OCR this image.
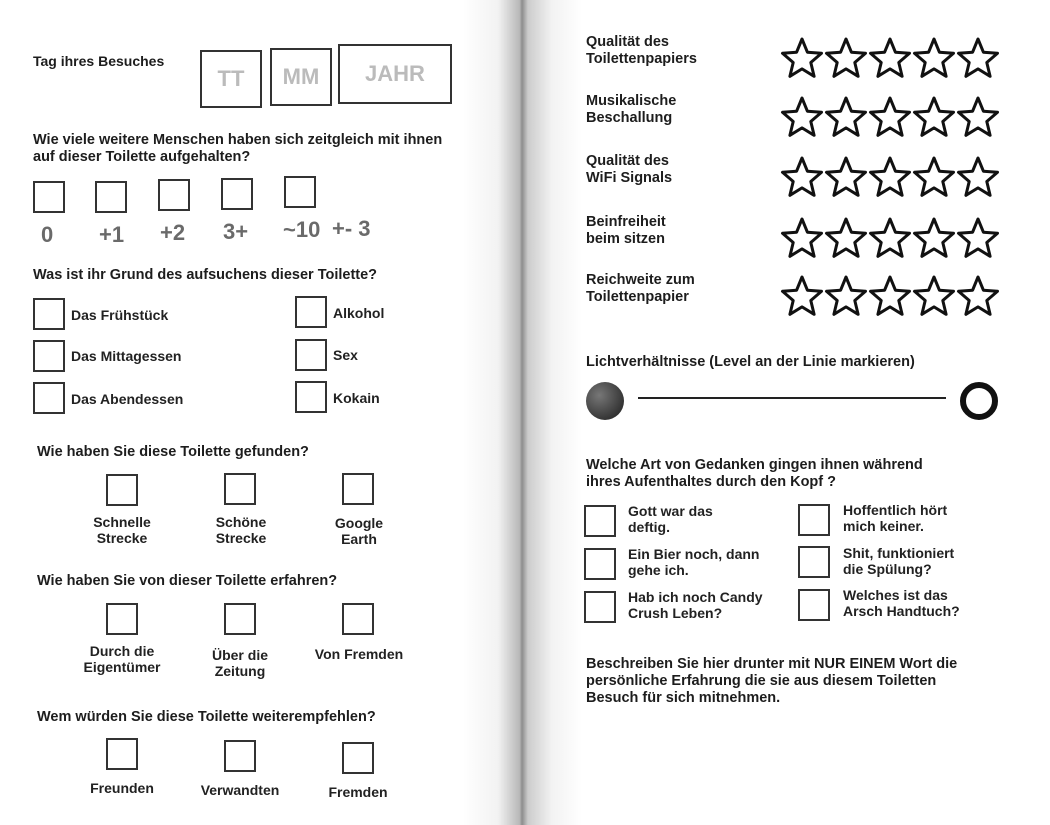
Tag ihres Besuches
TT	MM	JAHR
Wie viele weitere Menschen haben sich zeitgleich mit ihnen auf dieser Toilette aufgehalten?
0 +1 +2 3+ ~10 +- 3
Was ist ihr Grund des aufsuchens dieser Toilette?
Das Frühstück
Das Mittagessen
Das Abendessen
Alkohol
Sex
Kokain
Wie haben Sie diese Toilette gefunden?
Schnelle
Strecke
Schöne
Strecke
Google
Earth
Wie haben Sie von dieser Toilette erfahren?
Durch die
Eigentümer
Über die
Zeitung
Von Fremden
Wem würden Sie diese Toilette weiterempfehlen?
Freunden	Verwandten	Fremden
Qualität des
Toilettenpapiers
Musikalische
Beschallung
Qualität des
WiFi Signals
Beinfreiheit
beim sitzen
Reichweite zum
Toilettenpapier
Lichtverhältnisse (Level an der Linie markieren)
Welche Art von Gedanken gingen ihnen während
ihres Aufenthaltes durch den Kopf ?
Gott war das
deftig.
Ein Bier noch, dann
gehe ich.
Hab ich noch Candy
Crush Leben?
Hoffentlich hört
mich keiner.
Shit, funktioniert
die Spülung?
Welches ist das
Arsch Handtuch?
Beschreiben Sie hier drunter mit NUR EINEM Wort die
persönliche Erfahrung die sie aus diesem Toiletten
Besuch für sich mitnehmen.
